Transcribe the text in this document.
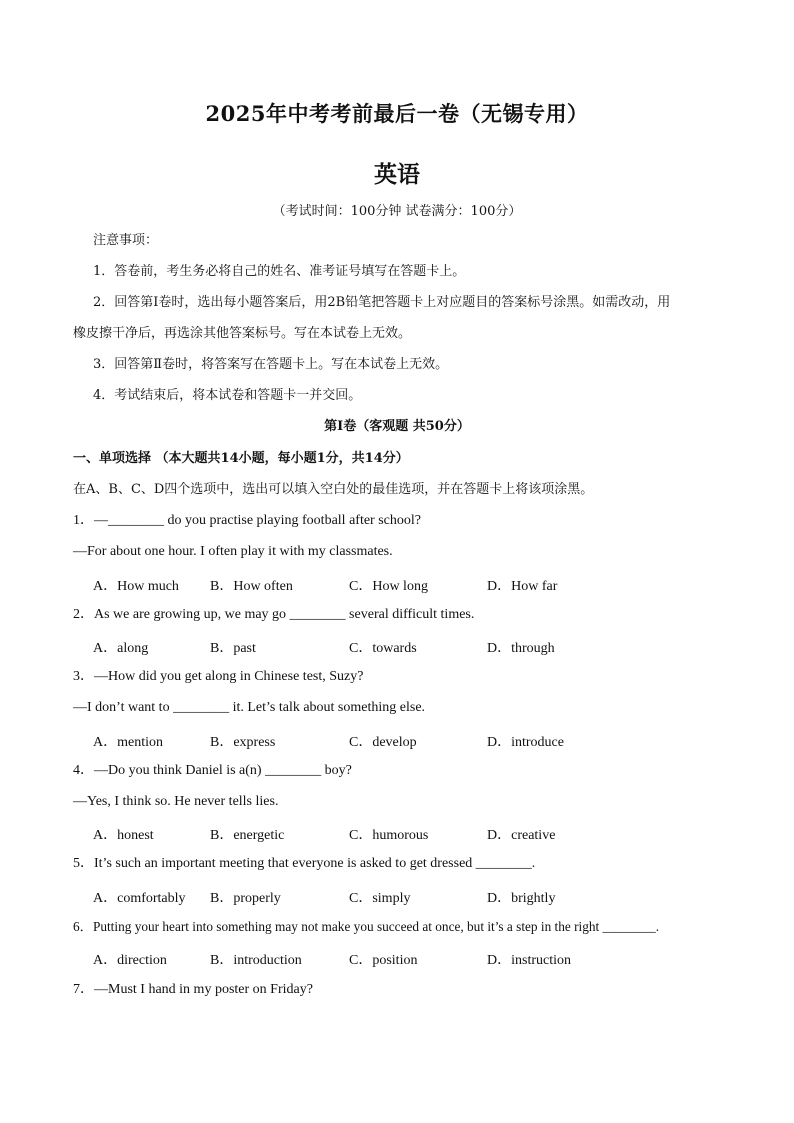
2025年中考考前最后一卷（无锡专用）
英语
（考试时间：100分钟 试卷满分：100分）
注意事项：
1．答卷前，考生务必将自己的姓名、准考证号填写在答题卡上。
2．回答第Ⅰ卷时，选出每小题答案后，用2B铅笔把答题卡上对应题目的答案标号涂黑。如需改动，用
橡皮擦干净后，再选涂其他答案标号。写在本试卷上无效。
3．回答第Ⅱ卷时，将答案写在答题卡上。写在本试卷上无效。
4．考试结束后，将本试卷和答题卡一并交回。
第Ⅰ卷（客观题 共50分）
一、单项选择 （本大题共14小题，每小题1分，共14分）
在A、B、C、D四个选项中，选出可以填入空白处的最佳选项，并在答题卡上将该项涂黑。
1．—________ do you practise playing football after school?
—For about one hour. I often play it with my classmates.
A．How much B．How often	C．How long	D．How far
2．As we are growing up, we may go ________ several difficult times.
A．along	B．past	C．towards	D．through
3．—How did you get along in Chinese test, Suzy?
—I don’t want to ________ it. Let’s talk about something else.
A．mention	B．express	C．develop	D．introduce
4．—Do you think Daniel is a(n) ________ boy?
—Yes, I think so. He never tells lies.
A．honest	B．energetic	C．humorous	D．creative
5．It’s such an important meeting that everyone is asked to get dressed ________.
A．comfortably B．properly	C．simply	D．brightly
6．Putting your heart into something may not make you succeed at once, but it’s a step in the right ________.
A．direction	B．introduction	C．position	D．instruction
7．—Must I hand in my poster on Friday?
